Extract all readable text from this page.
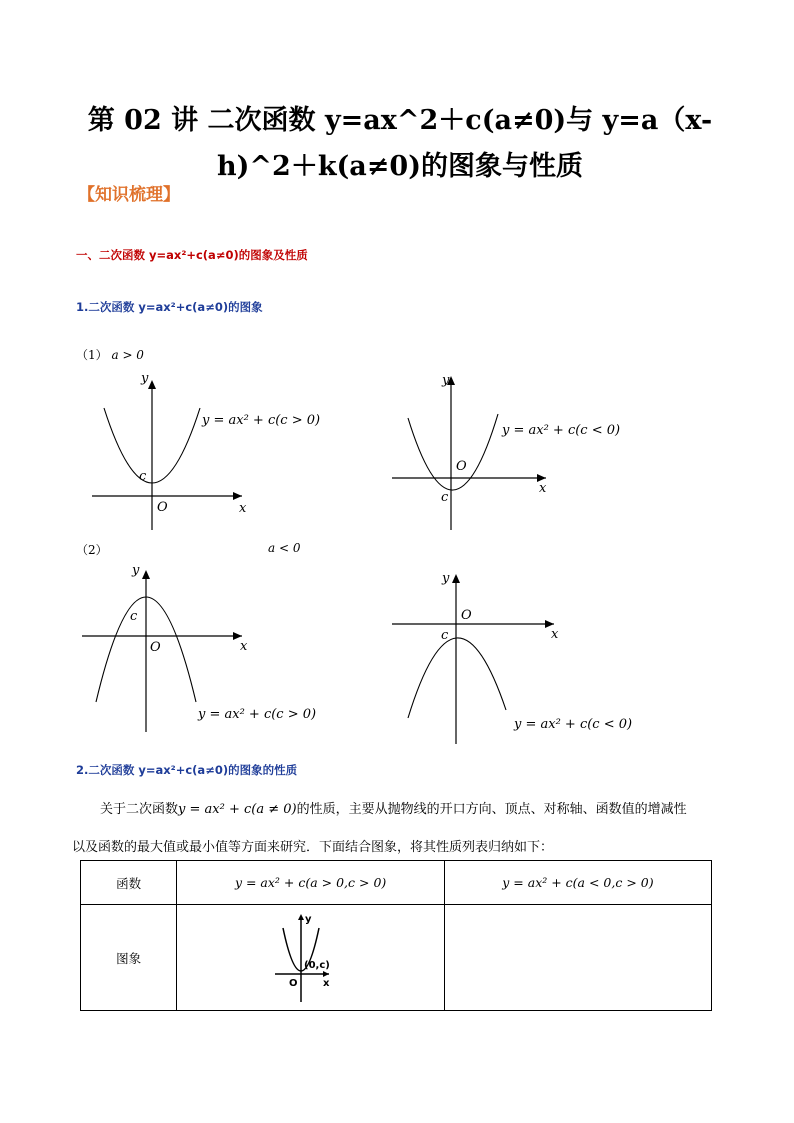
第 02 讲 二次函数 y=ax^2＋c(a≠0)与 y=a（x-
h)^2＋k(a≠0)的图象与性质
【知识梳理】
一、二次函数 y=ax²+c(a≠0)的图象及性质
1.二次函数 y=ax²+c(a≠0)的图象
（1） a > 0
（2）	a < 0
y
x
O
c
y = ax² + c(c > 0)
y
x
O
c
y = ax² + c(c < 0)
y
x
O
c
y = ax² + c(c > 0)
y
x
O
c
y = ax² + c(c < 0)
2.二次函数 y=ax²+c(a≠0)的图象的性质
关于二次函数y = ax² + c(a ≠ 0)的性质，主要从抛物线的开口方向、顶点、对称轴、函数值的增减性
以及函数的最大值或最小值等方面来研究．下面结合图象，将其性质列表归纳如下：
函数	y = ax² + c(a > 0,c > 0)	y = ax² + c(a < 0,c > 0)
图象	y
x
O
(0,c)	
